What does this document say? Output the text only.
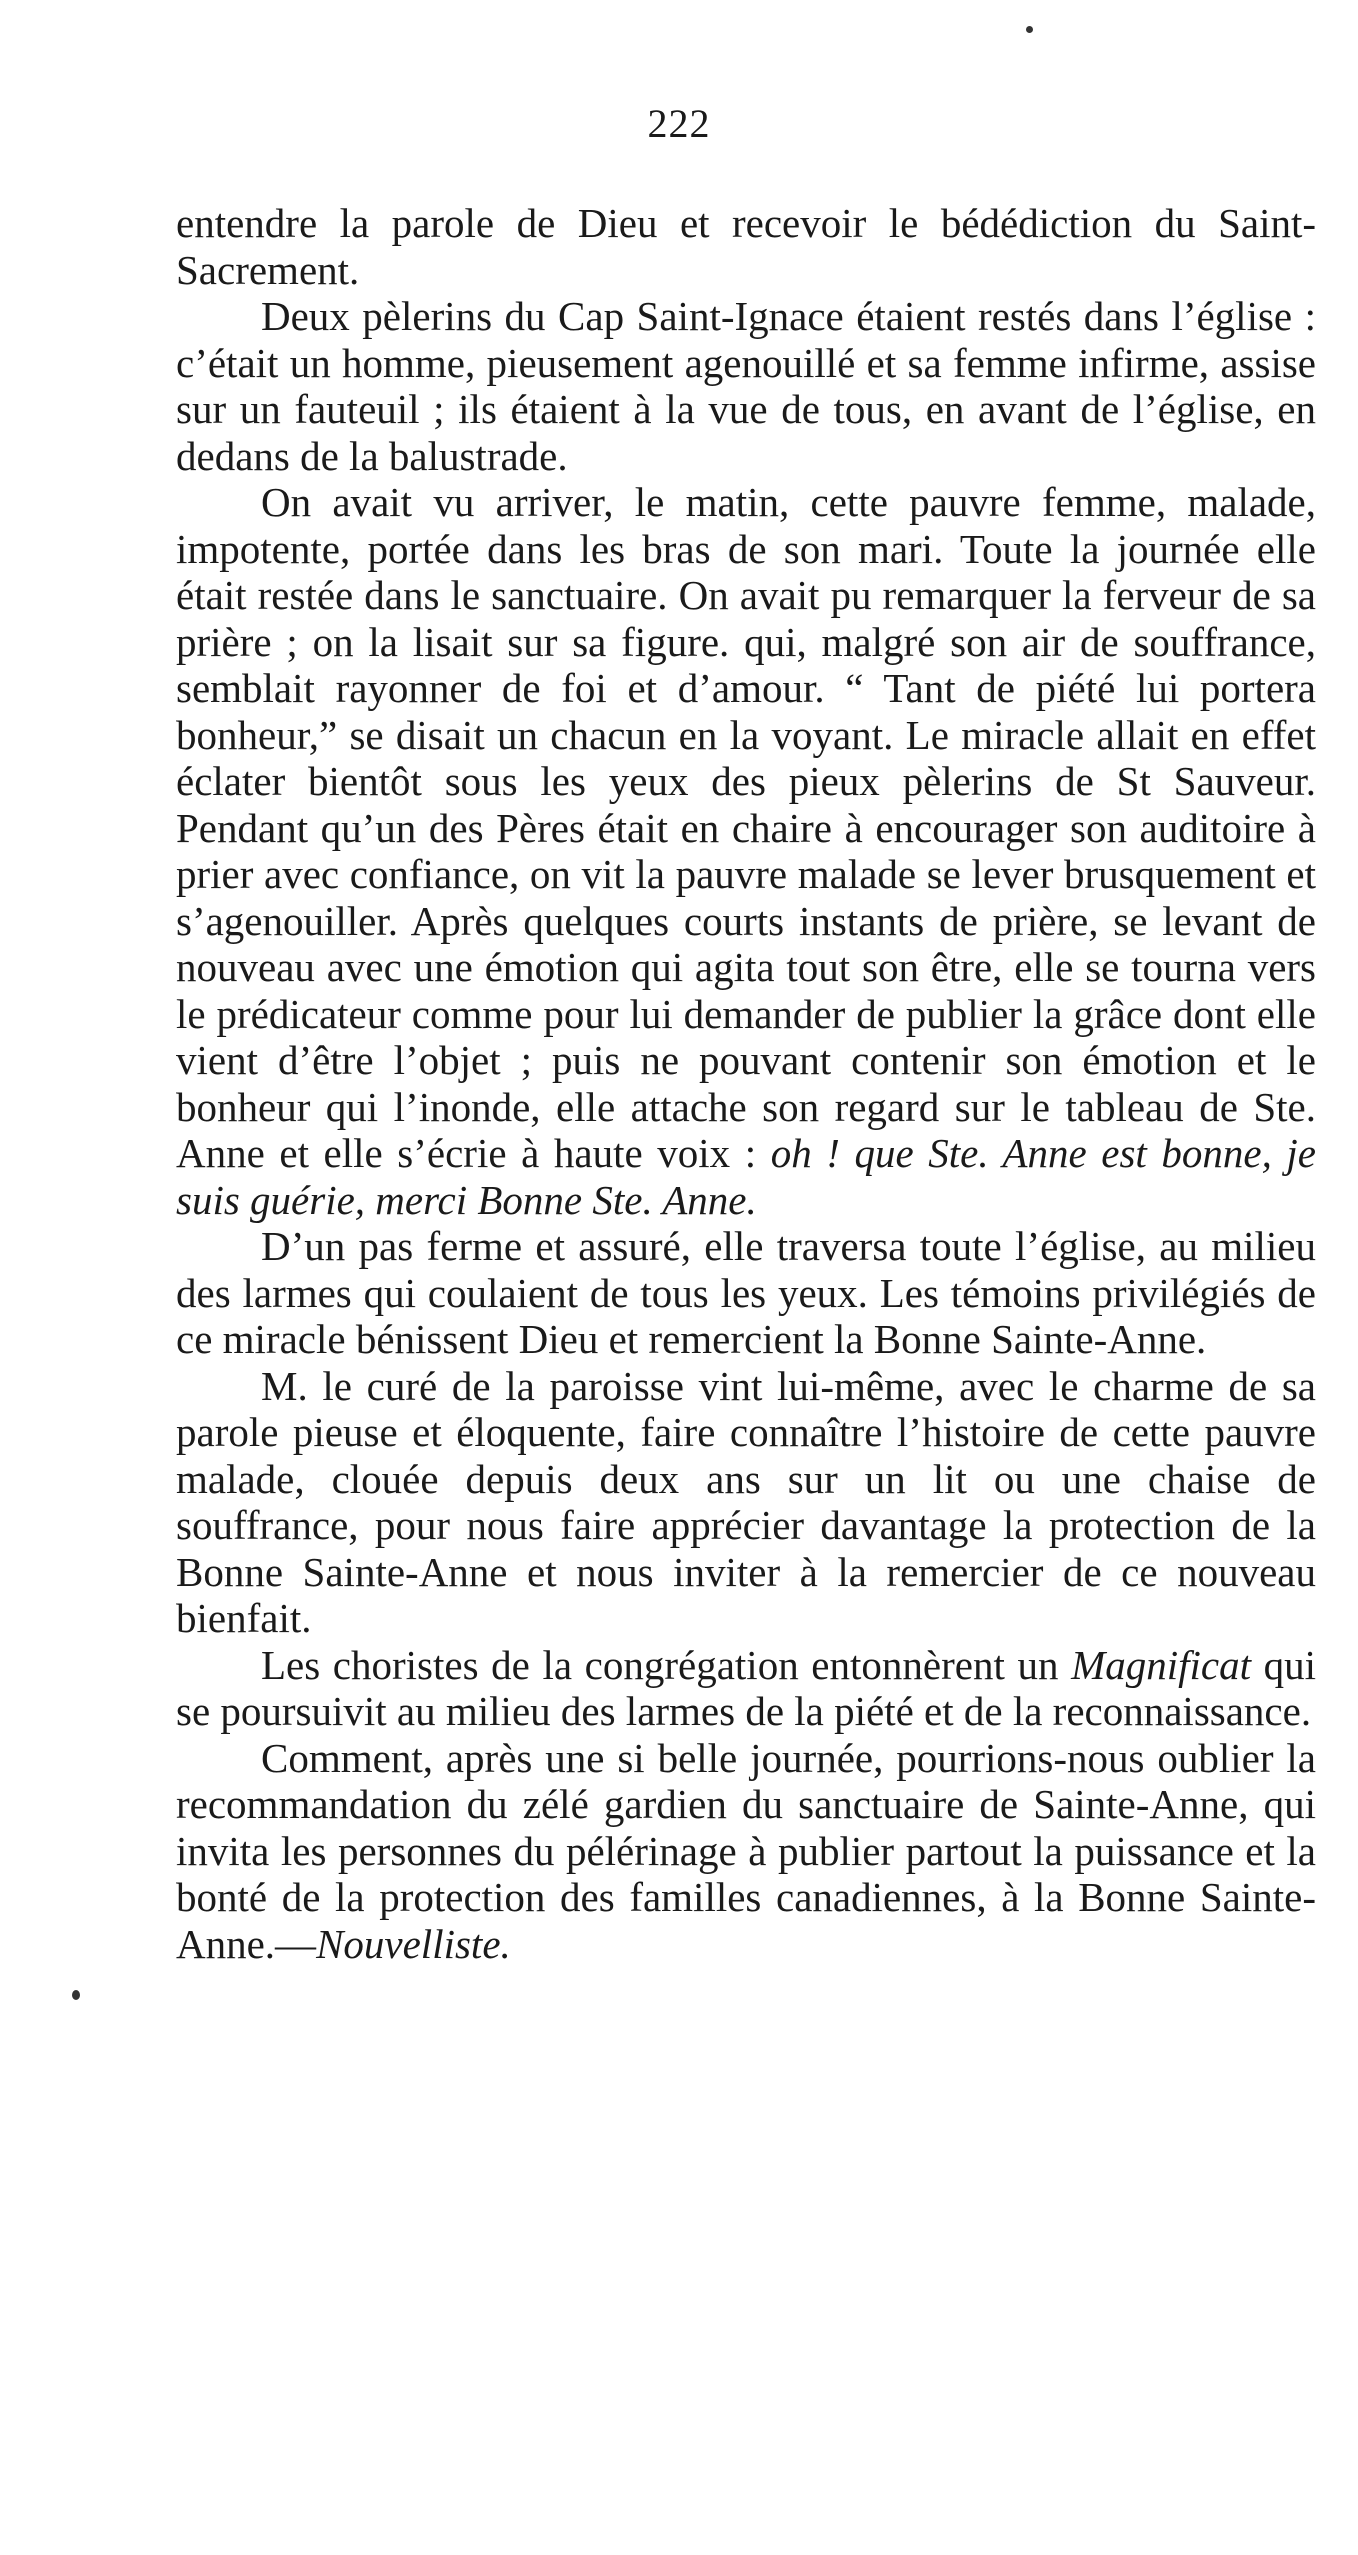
222

entendre la parole de Dieu et recevoir le bédédiction du Saint-Sacrement.

Deux pèlerins du Cap Saint-Ignace étaient restés dans l’église : c’était un homme, pieusement agenouillé et sa femme infirme, assise sur un fauteuil ; ils étaient à la vue de tous, en avant de l’église, en dedans de la balustrade.

On avait vu arriver, le matin, cette pauvre femme, malade, impotente, portée dans les bras de son mari. Toute la journée elle était restée dans le sanctuaire. On avait pu remarquer la ferveur de sa prière ; on la lisait sur sa figure. qui, malgré son air de souffrance, semblait rayonner de foi et d’amour. “ Tant de piété lui portera bonheur,” se disait un chacun en la voyant. Le miracle allait en effet éclater bientôt sous les yeux des pieux pèlerins de St Sauveur. Pendant qu’un des Pères était en chaire à encourager son auditoire à prier avec confiance, on vit la pauvre malade se lever brusquement et s’agenouiller. Après quelques courts instants de prière, se levant de nouveau avec une émotion qui agita tout son être, elle se tourna vers le prédicateur comme pour lui demander de publier la grâce dont elle vient d’être l’objet ; puis ne pouvant contenir son émotion et le bonheur qui l’inonde, elle attache son regard sur le tableau de Ste. Anne et elle s’écrie à haute voix : oh ! que Ste. Anne est bonne, je suis guérie, merci Bonne Ste. Anne.

D’un pas ferme et assuré, elle traversa toute l’église, au milieu des larmes qui coulaient de tous les yeux. Les témoins privilégiés de ce miracle bénissent Dieu et remercient la Bonne Sainte-Anne.

M. le curé de la paroisse vint lui-même, avec le charme de sa parole pieuse et éloquente, faire connaître l’histoire de cette pauvre malade, clouée depuis deux ans sur un lit ou une chaise de souffrance, pour nous faire apprécier davantage la protection de la Bonne Sainte-Anne et nous inviter à la remercier de ce nouveau bienfait.

Les choristes de la congrégation entonnèrent un Magnificat qui se poursuivit au milieu des larmes de la piété et de la reconnaissance.

Comment, après une si belle journée, pourrions-nous oublier la recommandation du zélé gardien du sanctuaire de Sainte-Anne, qui invita les personnes du pélérinage à publier partout la puissance et la bonté de la protection des familles canadiennes, à la Bonne Sainte-Anne.—Nouvelliste.
